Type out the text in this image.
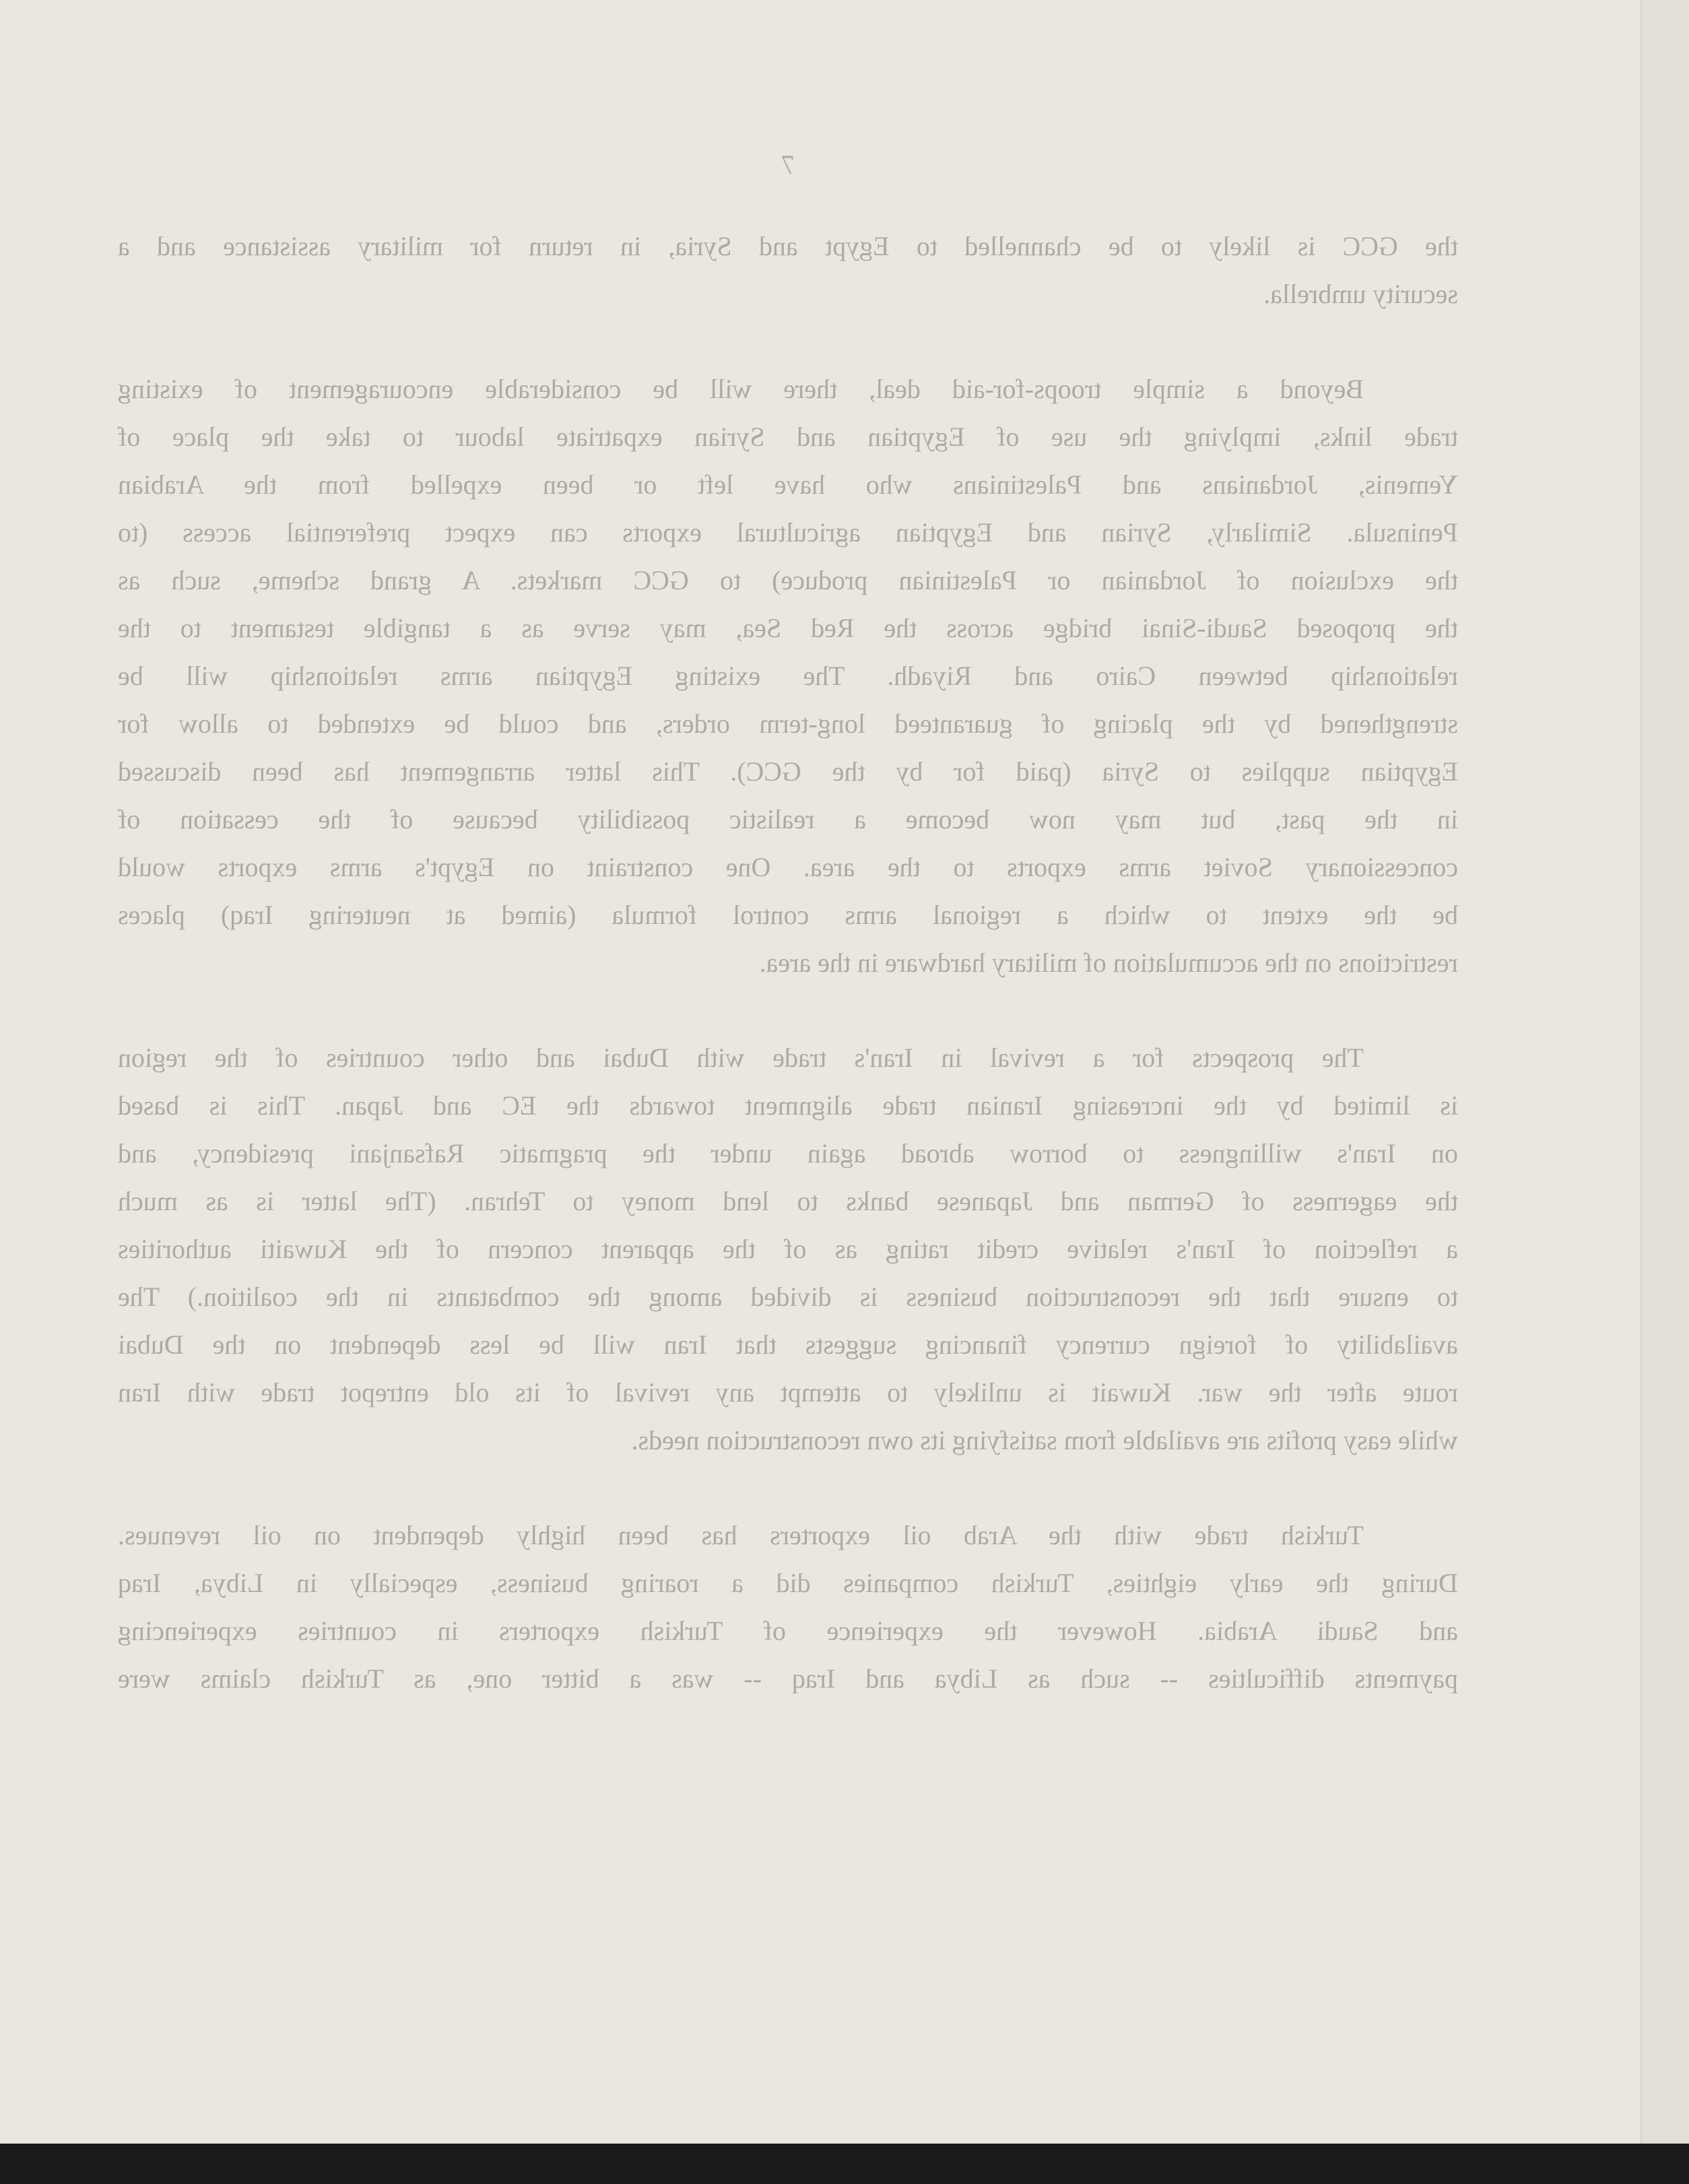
7
the GCC is likely to be channelled to Egypt and Syria, in return for military assistance and a
security umbrella.
Beyond a simple troops-for-aid deal, there will be considerable encouragement of existing
trade links, implying the use of Egyptian and Syrian expatriate labour to take the place of
Yemenis, Jordanians and Palestinians who have left or been expelled from the Arabian
Peninsula. Similarly, Syrian and Egyptian agricultural exports can expect preferential access (to
the exclusion of Jordanian or Palestinian produce) to GCC markets. A grand scheme, such as
the proposed Saudi-Sinai bridge across the Red Sea, may serve as a tangible testament to the
relationship between Cairo and Riyadh. The existing Egyptian arms relationship will be
strengthened by the placing of guaranteed long-term orders, and could be extended to allow for
Egyptian supplies to Syria (paid for by the GCC). This latter arrangement has been discussed
in the past, but may now become a realistic possibility because of the cessation of
concessionary Soviet arms exports to the area. One constraint on Egypt's arms exports would
be the extent to which a regional arms control formula (aimed at neutering Iraq) places
restrictions on the accumulation of military hardware in the area.
The prospects for a revival in Iran's trade with Dubai and other countries of the region
is limited by the increasing Iranian trade alignment towards the EC and Japan. This is based
on Iran's willingness to borrow abroad again under the pragmatic Rafsanjani presidency, and
the eagerness of German and Japanese banks to lend money to Tehran. (The latter is as much
a reflection of Iran's relative credit rating as of the apparent concern of the Kuwaiti authorities
to ensure that the reconstruction business is divided among the combatants in the coalition.) The
availability of foreign currency financing suggests that Iran will be less dependent on the Dubai
route after the war. Kuwait is unlikely to attempt any revival of its old entrepot trade with Iran
while easy profits are available from satisfying its own reconstruction needs.
Turkish trade with the Arab oil exporters has been highly dependent on oil revenues.
During the early eighties, Turkish companies did a roaring business, especially in Libya, Iraq
and Saudi Arabia. However the experience of Turkish exporters in countries experiencing
payments difficulties -- such as Libya and Iraq -- was a bitter one, as Turkish claims were
